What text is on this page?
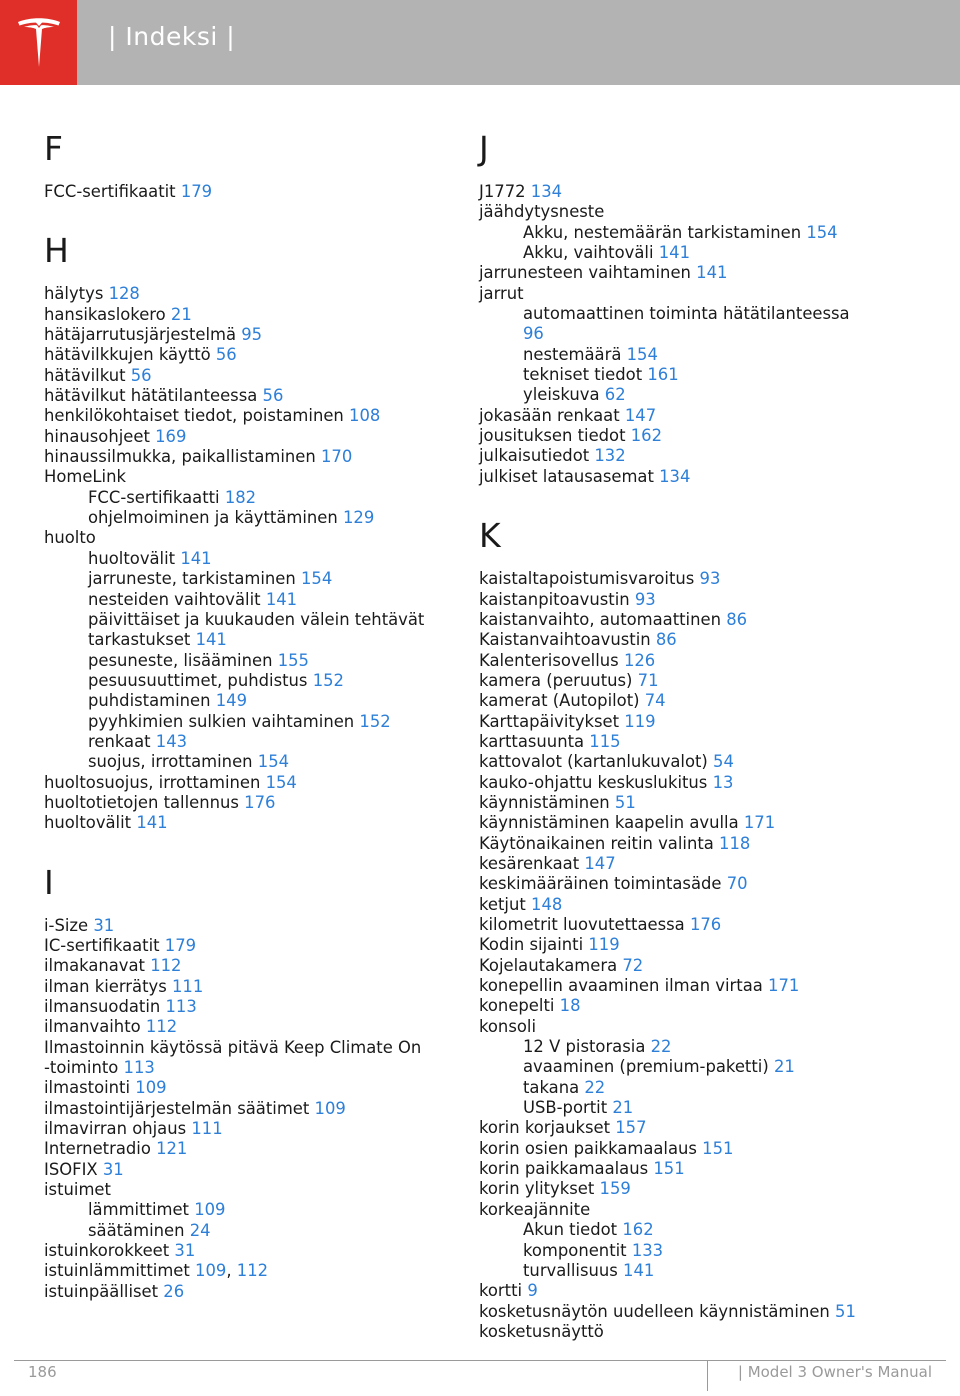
| Indeksi |
F
FCC-sertifikaatit 179
H
hälytys 128
hansikaslokero 21
hätäjarrutusjärjestelmä 95
hätävilkkujen käyttö 56
hätävilkut 56
hätävilkut hätätilanteessa 56
henkilökohtaiset tiedot, poistaminen 108
hinausohjeet 169
hinaussilmukka, paikallistaminen 170
HomeLink
FCC-sertifikaatti 182
ohjelmoiminen ja käyttäminen 129
huolto
huoltovälit 141
jarruneste, tarkistaminen 154
nesteiden vaihtovälit 141
päivittäiset ja kuukauden välein tehtävät
tarkastukset 141
pesuneste, lisääminen 155
pesuusuuttimet, puhdistus 152
puhdistaminen 149
pyyhkimien sulkien vaihtaminen 152
renkaat 143
suojus, irrottaminen 154
huoltosuojus, irrottaminen 154
huoltotietojen tallennus 176
huoltovälit 141
I
i-Size 31
IC-sertifikaatit 179
ilmakanavat 112
ilman kierrätys 111
ilmansuodatin 113
ilmanvaihto 112
Ilmastoinnin käytössä pitävä Keep Climate On
-toiminto 113
ilmastointi 109
ilmastointijärjestelmän säätimet 109
ilmavirran ohjaus 111
Internetradio 121
ISOFIX 31
istuimet
lämmittimet 109
säätäminen 24
istuinkorokkeet 31
istuinlämmittimet 109, 112
istuinpäälliset 26
J
J1772 134
jäähdytysneste
Akku, nestemäärän tarkistaminen 154
Akku, vaihtoväli 141
jarrunesteen vaihtaminen 141
jarrut
automaattinen toiminta hätätilanteessa
96
nestemäärä 154
tekniset tiedot 161
yleiskuva 62
jokasään renkaat 147
jousituksen tiedot 162
julkaisutiedot 132
julkiset latausasemat 134
K
kaistaltapoistumisvaroitus 93
kaistanpitoavustin 93
kaistanvaihto, automaattinen 86
Kaistanvaihtoavustin 86
Kalenterisovellus 126
kamera (peruutus) 71
kamerat (Autopilot) 74
Karttapäivitykset 119
karttasuunta 115
kattovalot (kartanlukuvalot) 54
kauko-ohjattu keskuslukitus 13
käynnistäminen 51
käynnistäminen kaapelin avulla 171
Käytönaikainen reitin valinta 118
kesärenkaat 147
keskimääräinen toimintasäde 70
ketjut 148
kilometrit luovutettaessa 176
Kodin sijainti 119
Kojelautakamera 72
konepellin avaaminen ilman virtaa 171
konepelti 18
konsoli
12 V pistorasia 22
avaaminen (premium-paketti) 21
takana 22
USB-portit 21
korin korjaukset 157
korin osien paikkamaalaus 151
korin paikkamaalaus 151
korin ylitykset 159
korkeajännite
Akun tiedot 162
komponentit 133
turvallisuus 141
kortti 9
kosketusnäytön uudelleen käynnistäminen 51
kosketusnäyttö
186	| Model 3 Owner's Manual
